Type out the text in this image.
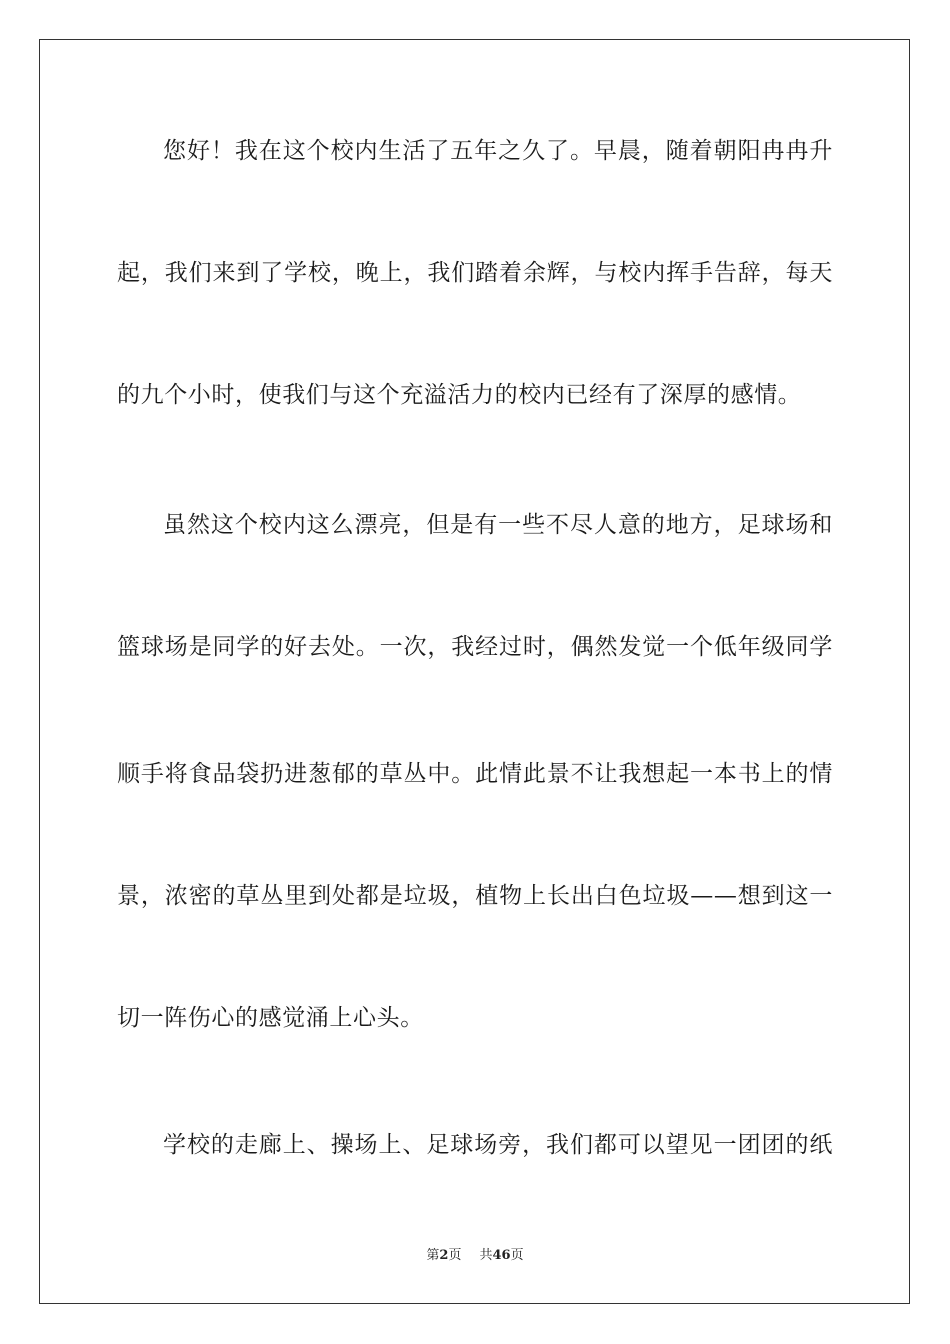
您好！我在这个校内生活了五年之久了。早晨，随着朝阳冉冉升
起，我们来到了学校，晚上，我们踏着余辉，与校内挥手告辞，每天
的九个小时，使我们与这个充溢活力的校内已经有了深厚的感情。
虽然这个校内这么漂亮，但是有一些不尽人意的地方，足球场和
篮球场是同学的好去处。一次，我经过时，偶然发觉一个低年级同学
顺手将食品袋扔进葱郁的草丛中。此情此景不让我想起一本书上的情
景，浓密的草丛里到处都是垃圾，植物上长出白色垃圾——想到这一
切一阵伤心的感觉涌上心头。
学校的走廊上、操场上、足球场旁，我们都可以望见一团团的纸
第2页 共46页
